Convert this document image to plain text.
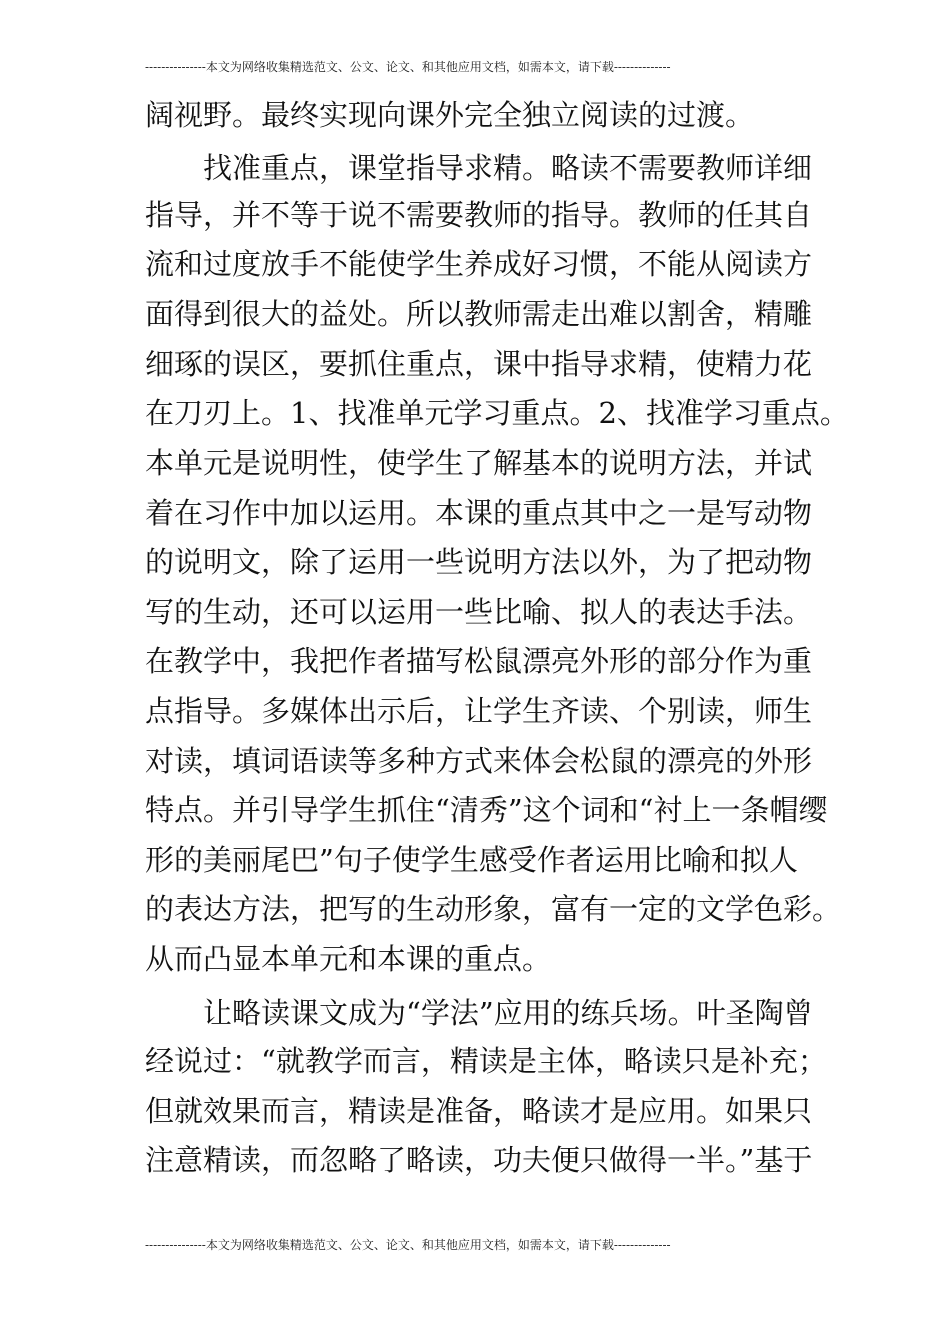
---------------本文为网络收集精选范文、公文、论文、和其他应用文档，如需本文，请下载--------------
阔视野。最终实现向课外完全独立阅读的过渡。
找准重点，课堂指导求精。略读不需要教师详细
指导，并不等于说不需要教师的指导。教师的任其自
流和过度放手不能使学生养成好习惯，不能从阅读方
面得到很大的益处。所以教师需走出难以割舍，精雕
细琢的误区，要抓住重点，课中指导求精，使精力花
在刀刃上。1、找准单元学习重点。2、找准学习重点。
本单元是说明性，使学生了解基本的说明方法，并试
着在习作中加以运用。本课的重点其中之一是写动物
的说明文，除了运用一些说明方法以外，为了把动物
写的生动，还可以运用一些比喻、拟人的表达手法。
在教学中，我把作者描写松鼠漂亮外形的部分作为重
点指导。多媒体出示后，让学生齐读、个别读，师生
对读，填词语读等多种方式来体会松鼠的漂亮的外形
特点。并引导学生抓住“清秀”这个词和“衬上一条帽缨
形的美丽尾巴”句子使学生感受作者运用比喻和拟人
的表达方法，把写的生动形象，富有一定的文学色彩。
从而凸显本单元和本课的重点。
让略读课文成为“学法”应用的练兵场。叶圣陶曾
经说过：“就教学而言，精读是主体，略读只是补充；
但就效果而言，精读是准备，略读才是应用。如果只
注意精读，而忽略了略读，功夫便只做得一半。”基于
---------------本文为网络收集精选范文、公文、论文、和其他应用文档，如需本文，请下载--------------
